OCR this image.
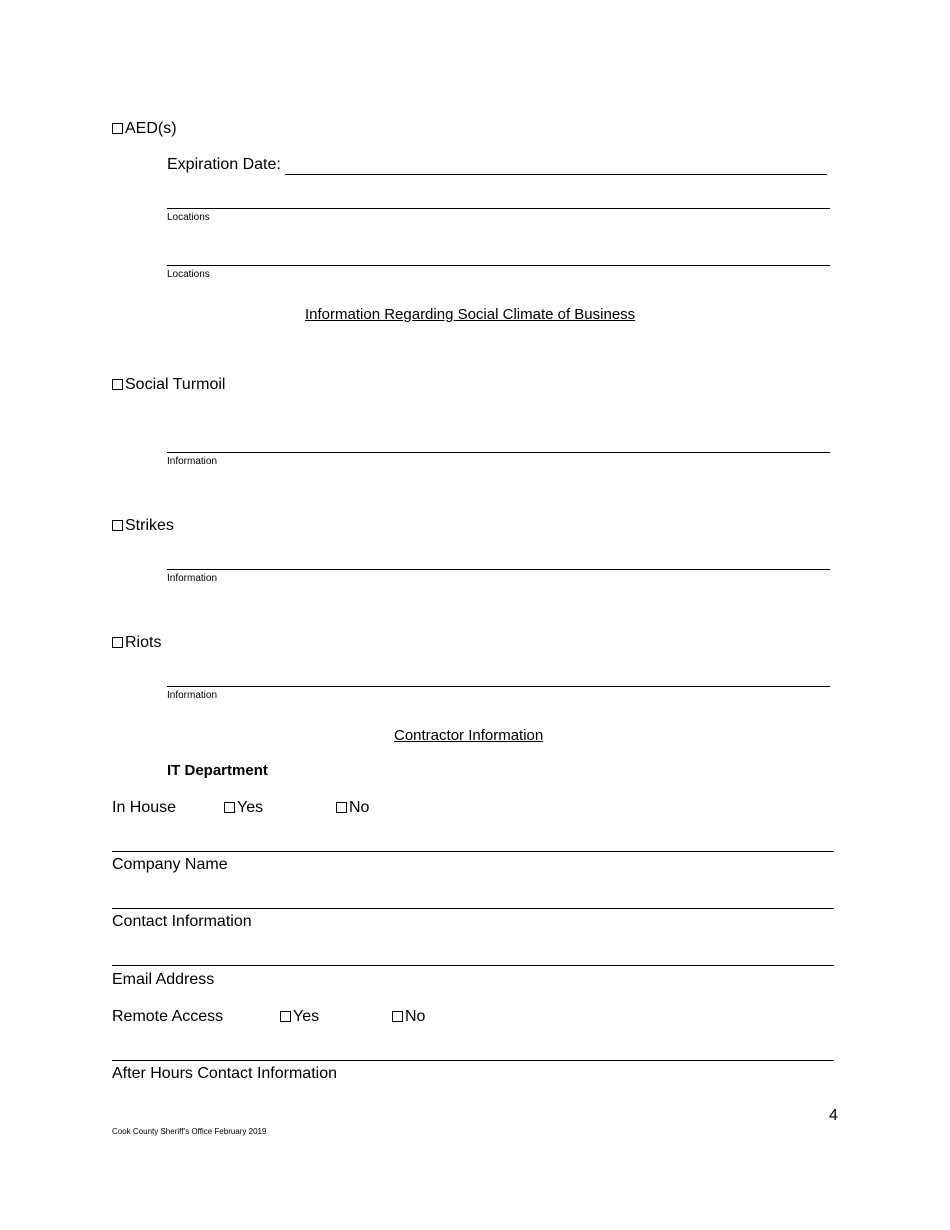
AED(s)
Expiration Date:
Locations
Locations
Information Regarding Social Climate of Business
Social Turmoil
Information
Strikes
Information
Riots
Information
Contractor Information
IT Department
In House	Yes	No
Company Name
Contact Information
Email Address
Remote Access	Yes	No
After Hours Contact Information
4
Cook County Sheriff’s Office February 2019
